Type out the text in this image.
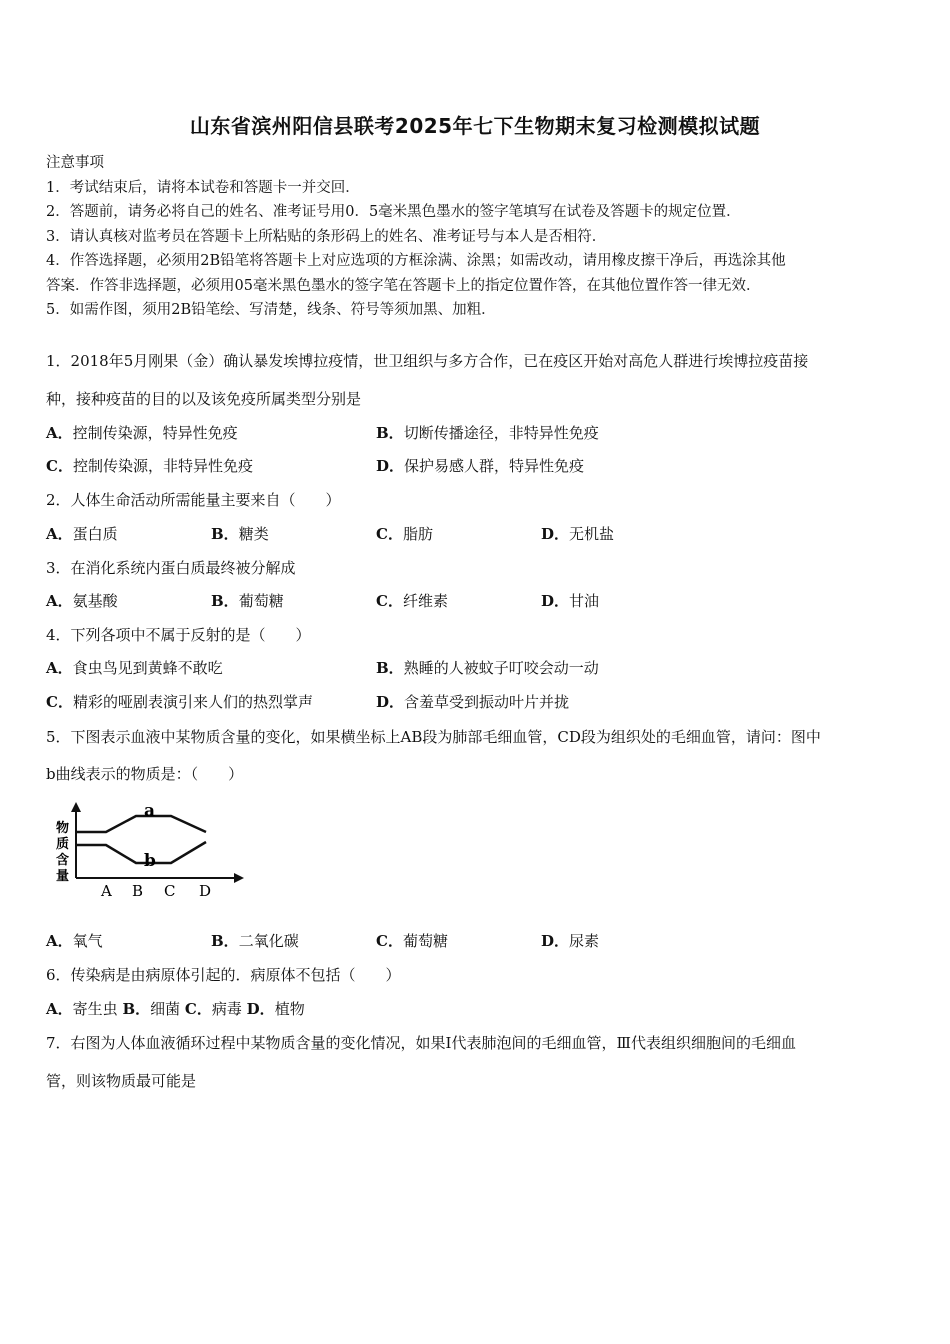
山东省滨州阳信县联考2025年七下生物期末复习检测模拟试题
注意事项
1．考试结束后，请将本试卷和答题卡一并交回．
2．答题前，请务必将自己的姓名、准考证号用0．5毫米黑色墨水的签字笔填写在试卷及答题卡的规定位置．
3．请认真核对监考员在答题卡上所粘贴的条形码上的姓名、准考证号与本人是否相符．
4．作答选择题，必须用2B铅笔将答题卡上对应选项的方框涂满、涂黑；如需改动，请用橡皮擦干净后，再选涂其他
答案．作答非选择题，必须用05毫米黑色墨水的签字笔在答题卡上的指定位置作答，在其他位置作答一律无效．
5．如需作图，须用2B铅笔绘、写清楚，线条、符号等须加黑、加粗．
1．2018年5月刚果（金）确认暴发埃博拉疫情，世卫组织与多方合作，已在疫区开始对高危人群进行埃博拉疫苗接
种，接种疫苗的目的以及该免疫所属类型分别是
A．控制传染源，特异性免疫	B．切断传播途径，非特异性免疫
C．控制传染源，非特异性免疫	D．保护易感人群，特异性免疫
2．人体生命活动所需能量主要来自（　　）
A．蛋白质	B．糖类	C．脂肪	D．无机盐
3．在消化系统内蛋白质最终被分解成
A．氨基酸	B．葡萄糖	C．纤维素	D．甘油
4．下列各项中不属于反射的是（　　）
A．食虫鸟见到黄蜂不敢吃	B．熟睡的人被蚊子叮咬会动一动
C．精彩的哑剧表演引来人们的热烈掌声	D．含羞草受到振动叶片并拢
5．下图表示血液中某物质含量的变化，如果横坐标上AB段为肺部毛细血管，CD段为组织处的毛细血管，请问：图中
b曲线表示的物质是：（　　）
a
b
物
质
含
量
A B C D
A．氧气	B．二氧化碳	C．葡萄糖	D．尿素
6．传染病是由病原体引起的．病原体不包括（　　）
A．寄生虫 B．细菌 C．病毒 D．植物
7．右图为人体血液循环过程中某物质含量的变化情况，如果Ⅰ代表肺泡间的毛细血管，Ⅲ代表组织细胞间的毛细血
管，则该物质最可能是
